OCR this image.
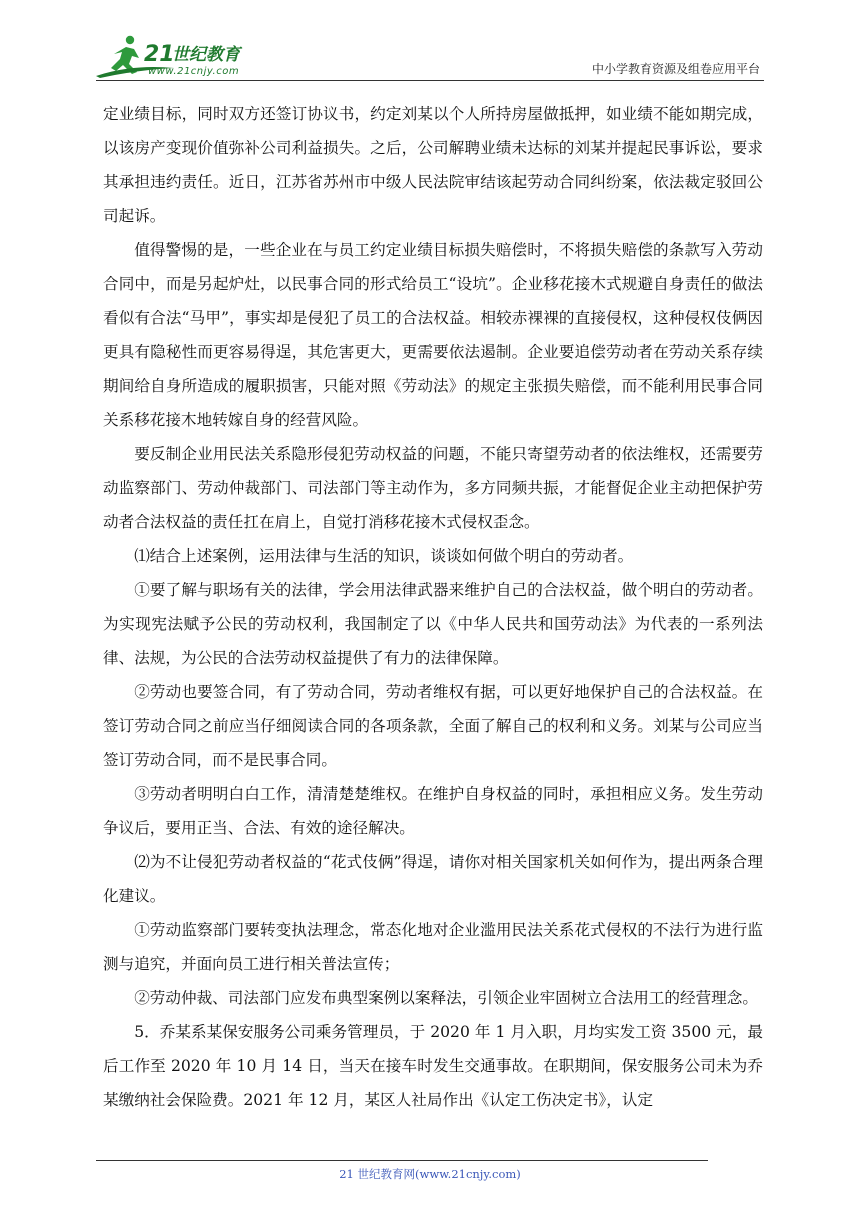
21
世纪教育
www.21cnjy.com	中小学教育资源及组卷应用平台

定业绩目标，同时双方还签订协议书，约定刘某以个人所持房屋做抵押，如业绩不能如期完成，以该房产变现价值弥补公司利益损失。之后，公司解聘业绩未达标的刘某并提起民事诉讼，要求其承担违约责任。近日，江苏省苏州市中级人民法院审结该起劳动合同纠纷案，依法裁定驳回公司起诉。

值得警惕的是，一些企业在与员工约定业绩目标损失赔偿时，不将损失赔偿的条款写入劳动合同中，而是另起炉灶，以民事合同的形式给员工“设坑”。企业移花接木式规避自身责任的做法看似有合法“马甲”，事实却是侵犯了员工的合法权益。相较赤裸裸的直接侵权，这种侵权伎俩因更具有隐秘性而更容易得逞，其危害更大，更需要依法遏制。企业要追偿劳动者在劳动关系存续期间给自身所造成的履职损害，只能对照《劳动法》的规定主张损失赔偿，而不能利用民事合同关系移花接木地转嫁自身的经营风险。

要反制企业用民法关系隐形侵犯劳动权益的问题，不能只寄望劳动者的依法维权，还需要劳动监察部门、劳动仲裁部门、司法部门等主动作为，多方同频共振，才能督促企业主动把保护劳动者合法权益的责任扛在肩上，自觉打消移花接木式侵权歪念。

⑴结合上述案例，运用法律与生活的知识，谈谈如何做个明白的劳动者。

①要了解与职场有关的法律，学会用法律武器来维护自己的合法权益，做个明白的劳动者。为实现宪法赋予公民的劳动权利，我国制定了以《中华人民共和国劳动法》为代表的一系列法律、法规，为公民的合法劳动权益提供了有力的法律保障。

②劳动也要签合同，有了劳动合同，劳动者维权有据，可以更好地保护自己的合法权益。在签订劳动合同之前应当仔细阅读合同的各项条款，全面了解自己的权利和义务。刘某与公司应当签订劳动合同，而不是民事合同。

③劳动者明明白白工作，清清楚楚维权。在维护自身权益的同时，承担相应义务。发生劳动争议后，要用正当、合法、有效的途径解决。

⑵为不让侵犯劳动者权益的“花式伎俩”得逞，请你对相关国家机关如何作为，提出两条合理化建议。

①劳动监察部门要转变执法理念，常态化地对企业滥用民法关系花式侵权的不法行为进行监测与追究，并面向员工进行相关普法宣传；

②劳动仲裁、司法部门应发布典型案例以案释法，引领企业牢固树立合法用工的经营理念。

5．乔某系某保安服务公司乘务管理员，于 2020 年 1 月入职，月均实发工资 3500 元，最后工作至 2020 年 10 月 14 日，当天在接车时发生交通事故。在职期间，保安服务公司未为乔某缴纳社会保险费。2021 年 12 月，某区人社局作出《认定工伤决定书》，认定

21 世纪教育网(www.21cnjy.com)
